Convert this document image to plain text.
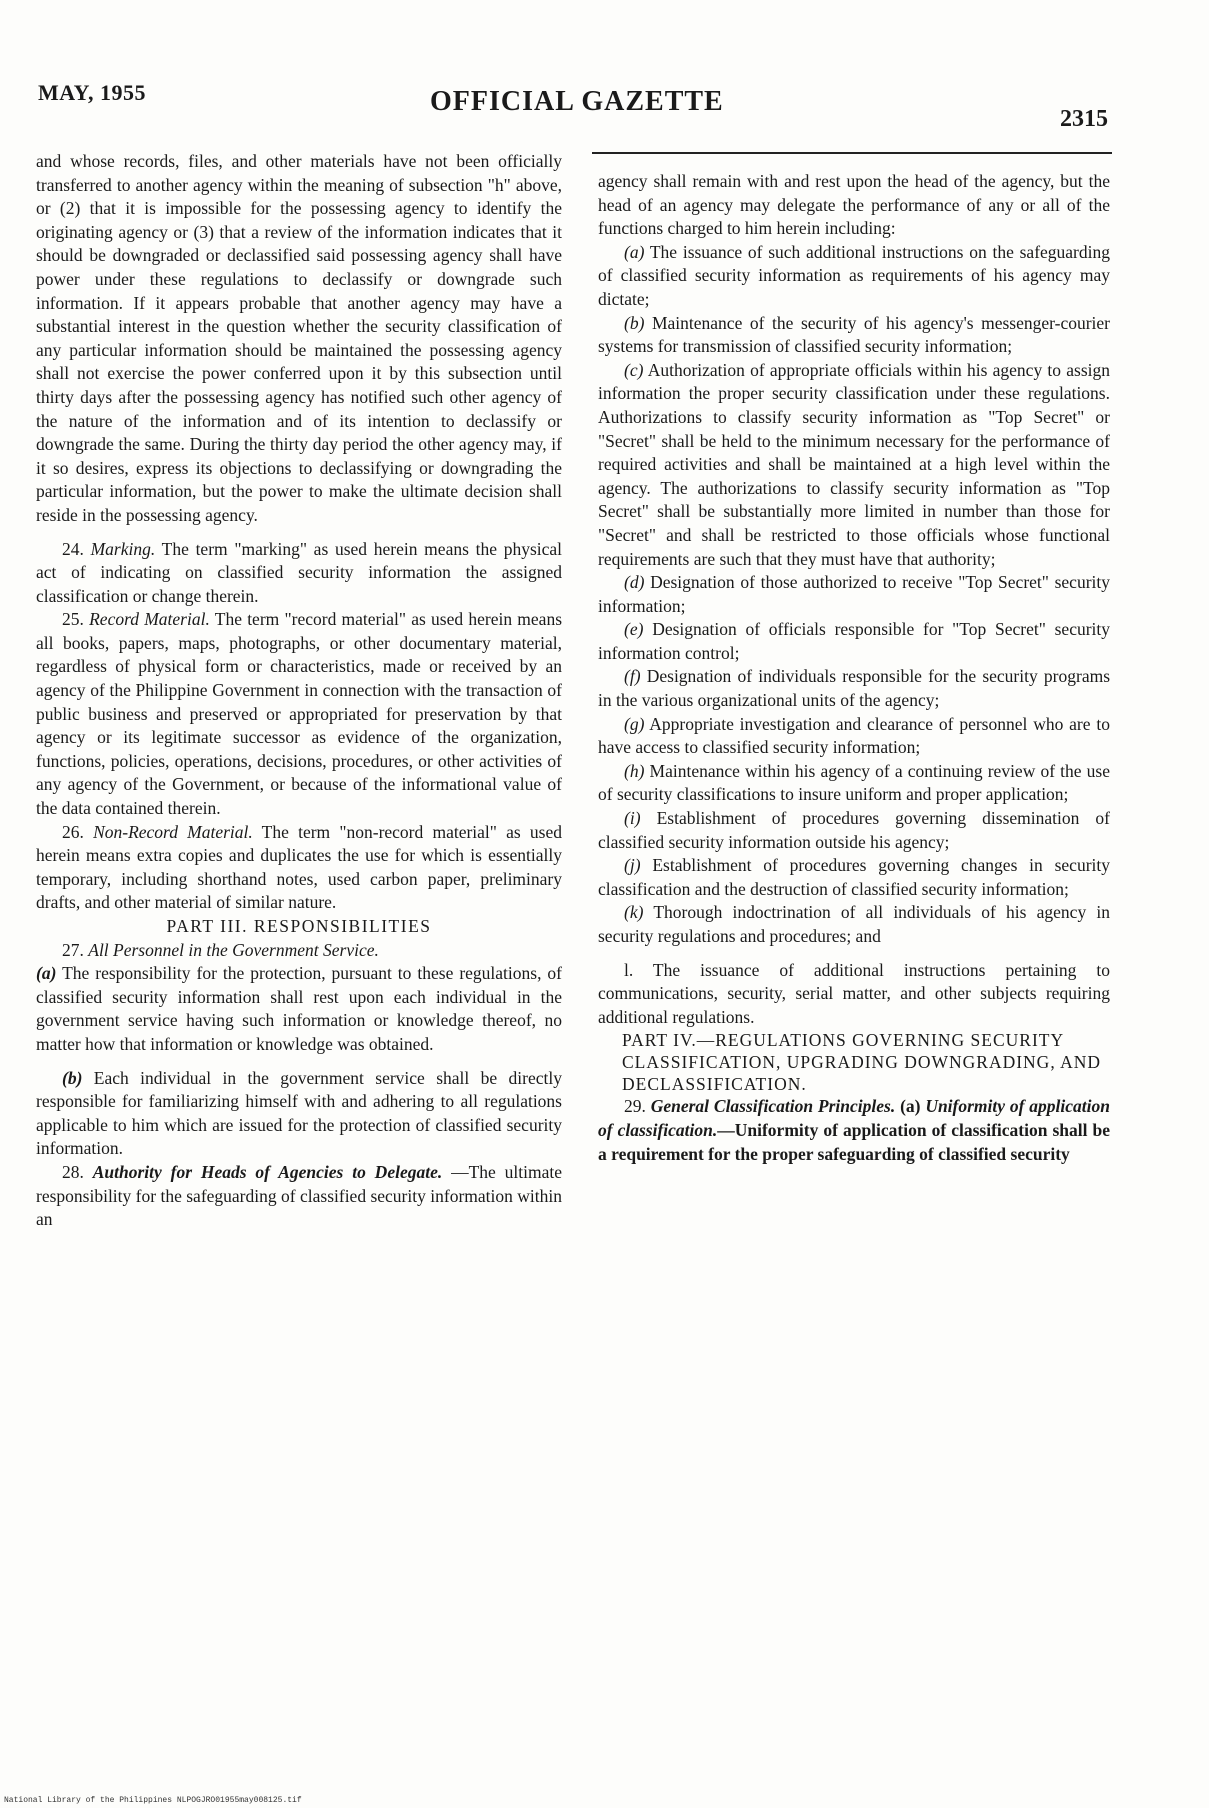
MAY, 1955	OFFICIAL GAZETTE
2315

and whose records, files, and other materials have not been officially transferred to another agency within the meaning of subsection "h" above, or (2) that it is impossible for the possessing agency to identify the originating agency or (3) that a review of the information indicates that it should be downgraded or declassified said possessing agency shall have power under these regulations to declassify or downgrade such information. If it appears probable that another agency may have a substantial interest in the question whether the security classification of any particular information should be maintained the possessing agency shall not exercise the power conferred upon it by this subsection until thirty days after the possessing agency has notified such other agency of the nature of the information and of its intention to declassify or downgrade the same. During the thirty day period the other agency may, if it so desires, express its objections to declassifying or downgrading the particular information, but the power to make the ultimate decision shall reside in the possessing agency.

24. Marking. The term "marking" as used herein means the physical act of indicating on classified security information the assigned classification or change therein.

25. Record Material. The term "record material" as used herein means all books, papers, maps, photographs, or other documentary material, regardless of physical form or characteristics, made or received by an agency of the Philippine Government in connection with the transaction of public business and preserved or appropriated for preservation by that agency or its legitimate successor as evidence of the organization, functions, policies, operations, decisions, procedures, or other activities of any agency of the Government, or because of the informational value of the data contained therein.

26. Non-Record Material. The term "non-record material" as used herein means extra copies and duplicates the use for which is essentially temporary, including shorthand notes, used carbon paper, preliminary drafts, and other material of similar nature.

PART III. RESPONSIBILITIES

27. All Personnel in the Government Service.

(a) The responsibility for the protection, pursuant to these regulations, of classified security information shall rest upon each individual in the government service having such information or knowledge thereof, no matter how that information or knowledge was obtained.

(b) Each individual in the government service shall be directly responsible for familiarizing himself with and adhering to all regulations applicable to him which are issued for the protection of classified security information.

28. Authority for Heads of Agencies to Delegate. —The ultimate responsibility for the safeguarding of classified security information within an

agency shall remain with and rest upon the head of the agency, but the head of an agency may delegate the performance of any or all of the functions charged to him herein including:

(a) The issuance of such additional instructions on the safeguarding of classified security information as requirements of his agency may dictate;

(b) Maintenance of the security of his agency's messenger-courier systems for transmission of classified security information;

(c) Authorization of appropriate officials within his agency to assign information the proper security classification under these regulations. Authorizations to classify security information as "Top Secret" or "Secret" shall be held to the minimum necessary for the performance of required activities and shall be maintained at a high level within the agency. The authorizations to classify security information as "Top Secret" shall be substantially more limited in number than those for "Secret" and shall be restricted to those officials whose functional requirements are such that they must have that authority;

(d) Designation of those authorized to receive "Top Secret" security information;

(e) Designation of officials responsible for "Top Secret" security information control;

(f) Designation of individuals responsible for the security programs in the various organizational units of the agency;

(g) Appropriate investigation and clearance of personnel who are to have access to classified security information;

(h) Maintenance within his agency of a continuing review of the use of security classifications to insure uniform and proper application;

(i) Establishment of procedures governing dissemination of classified security information outside his agency;

(j) Establishment of procedures governing changes in security classification and the destruction of classified security information;

(k) Thorough indoctrination of all individuals of his agency in security regulations and procedures; and

l. The issuance of additional instructions pertaining to communications, security, serial matter, and other subjects requiring additional regulations.

PART IV.—REGULATIONS GOVERNING SECURITY CLASSIFICATION, UPGRADING DOWNGRADING, AND DECLASSIFICATION.

29. General Classification Principles. (a) Uniformity of application of classification.—Uniformity of application of classification shall be a requirement for the proper safeguarding of classified security

National Library of the Philippines NLPOGJRO01955may008125.tif
